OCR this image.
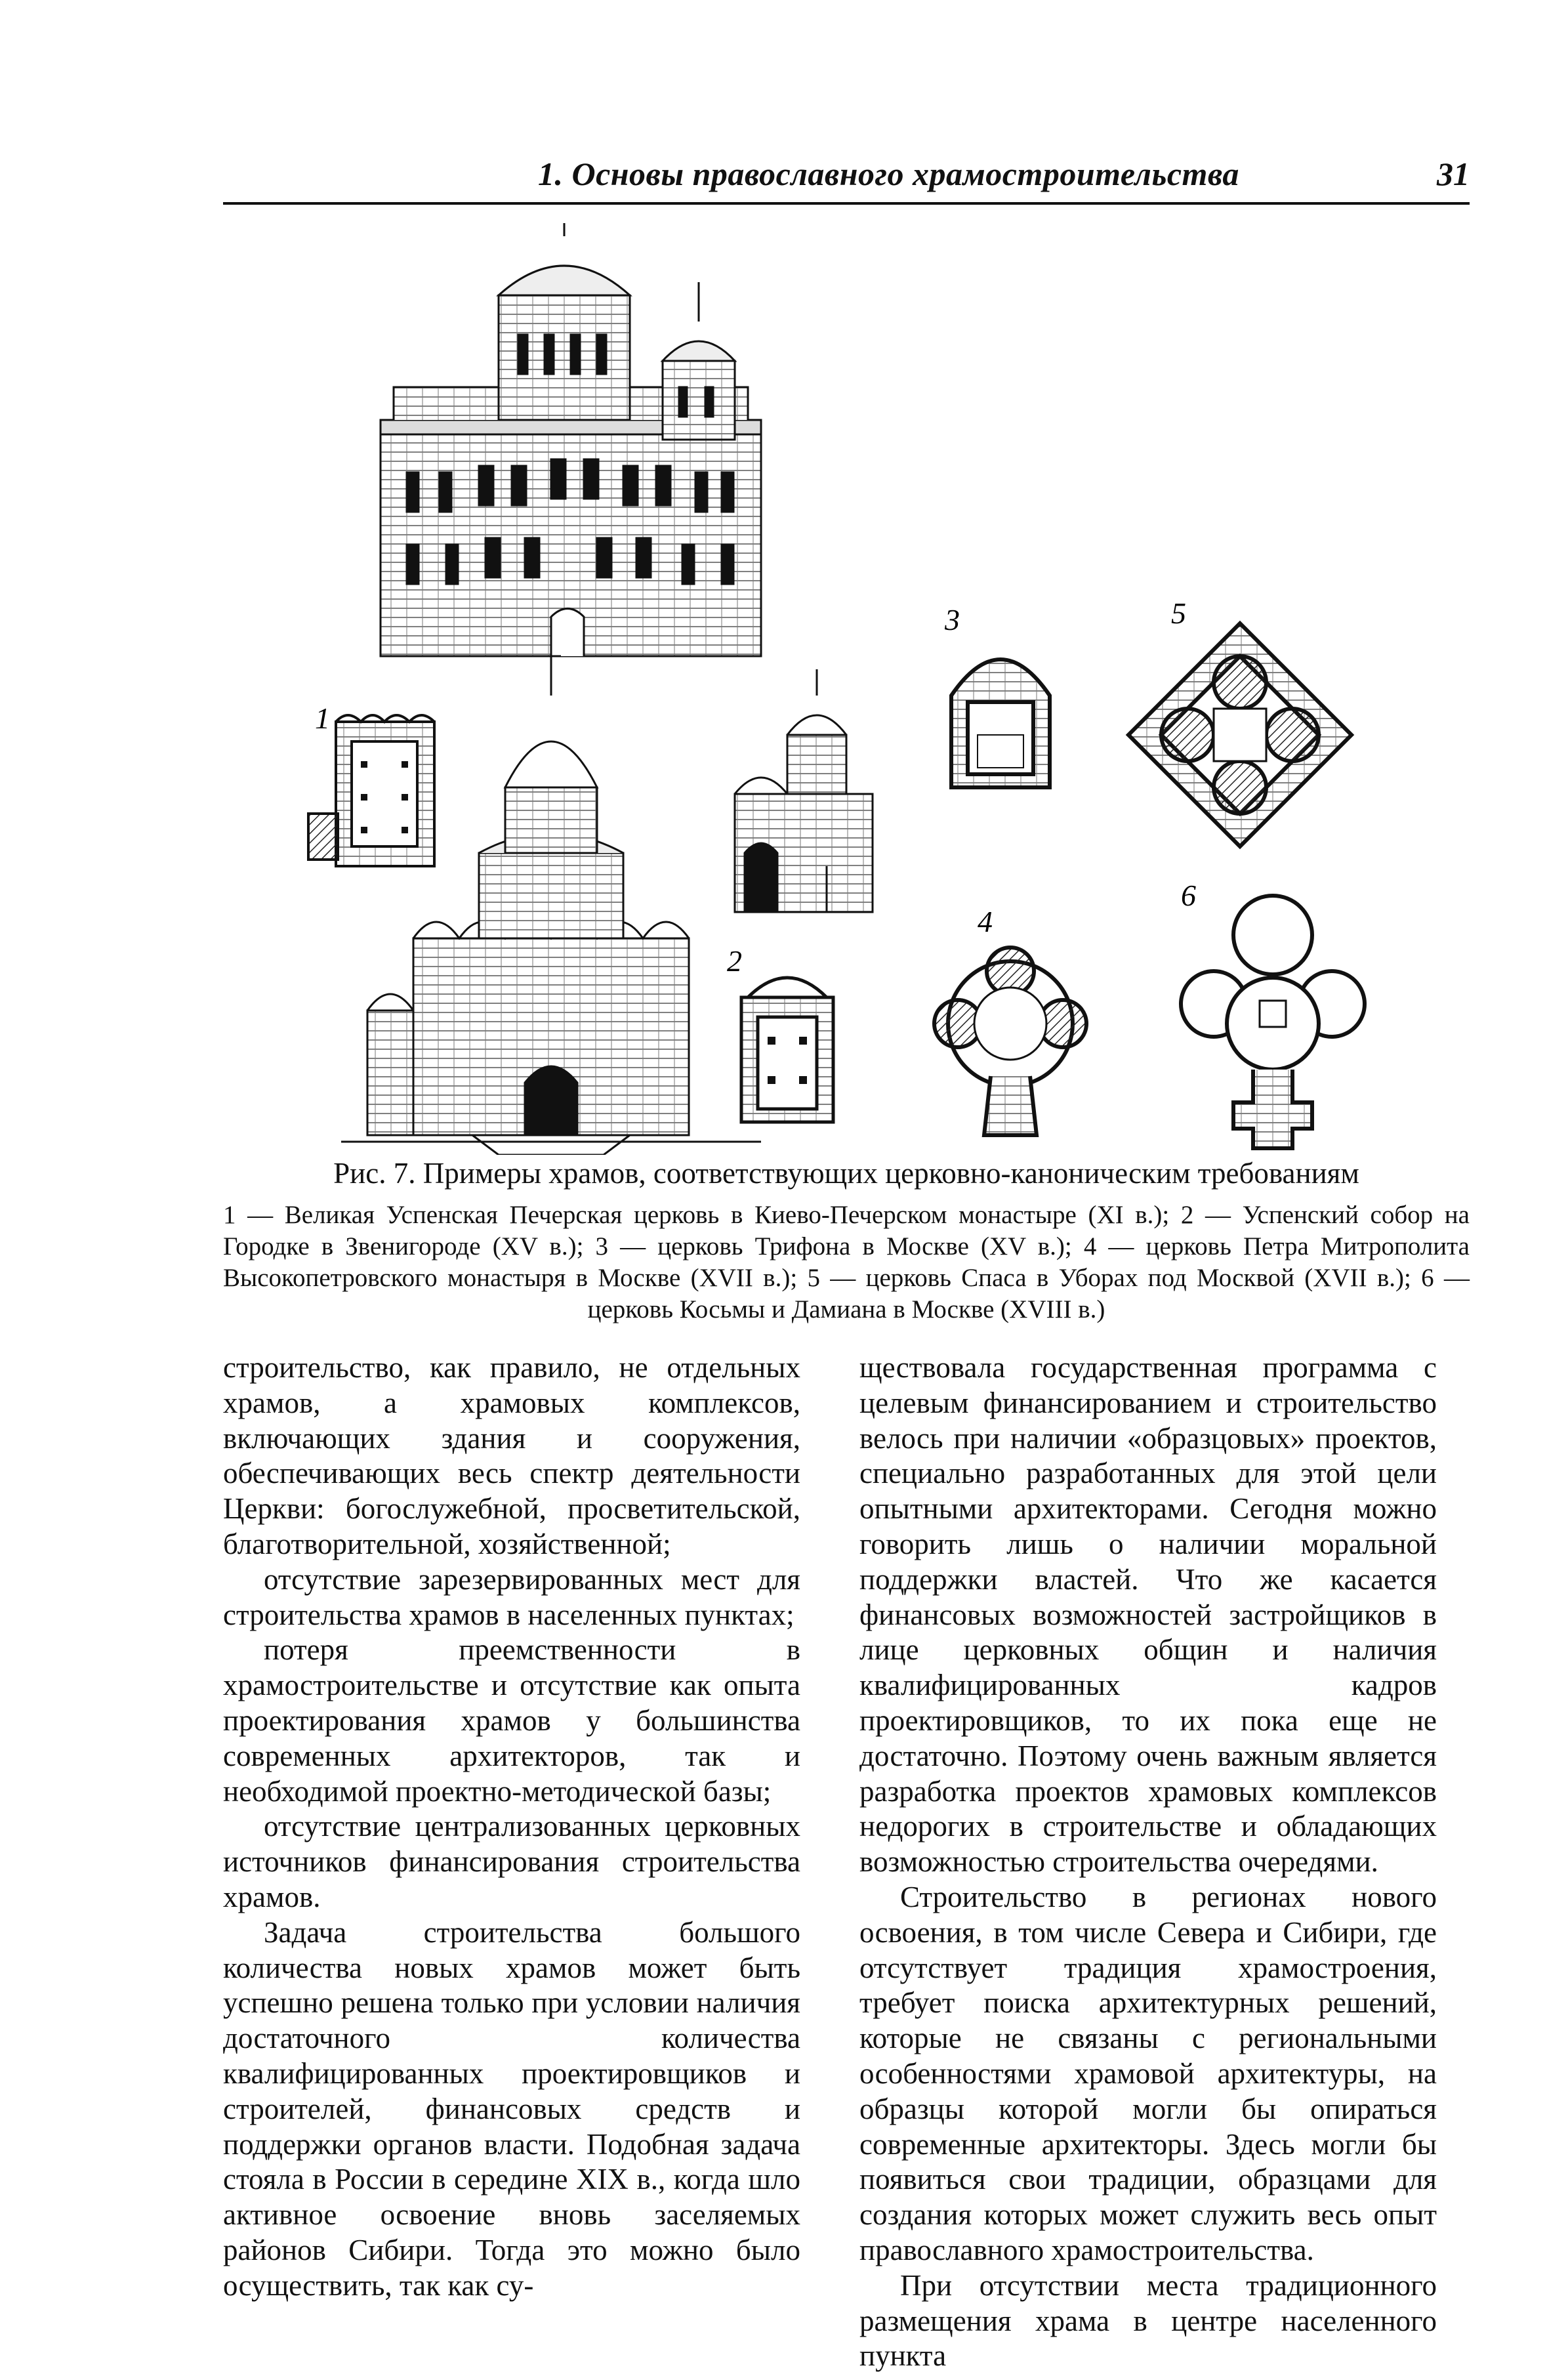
1. Основы православного храмостроительства	31
1
2
3
4
5
6
Рис. 7. Примеры храмов, соответствующих церковно-каноническим требованиям
1 — Великая Успенская Печерская церковь в Киево-Печерском монастыре (XI в.); 2 — Успенский собор на Городке в Звенигороде (XV в.); 3 — церковь Трифона в Москве (XV в.); 4 — церковь Петра Митрополита Высокопетровского монастыря в Москве (XVII в.); 5 — церковь Спаса в Уборах под Москвой (XVII в.); 6 — церковь Косьмы и Дамиана в Москве (XVIII в.)

строительство, как правило, не отдельных храмов, а храмовых комплексов, включающих здания и сооружения, обеспечивающих весь спектр деятельности Церкви: богослужебной, просветительской, благотворительной, хозяйственной;

отсутствие зарезервированных мест для строительства храмов в населенных пунктах;

потеря преемственности в храмостроительстве и отсутствие как опыта проектирования храмов у большинства современных архитекторов, так и необходимой проектно-методической базы;

отсутствие централизованных церковных источников финансирования строительства храмов.

Задача строительства большого количества новых храмов может быть успешно решена только при условии наличия достаточного количества квалифицированных проектировщиков и строителей, финансовых средств и поддержки органов власти. Подобная задача стояла в России в середине XIX в., когда шло активное освоение вновь заселяемых районов Сибири. Тогда это можно было осуществить, так как су-

ществовала государственная программа с целевым финансированием и строительство велось при наличии «образцовых» проектов, специально разработанных для этой цели опытными архитекторами. Сегодня можно говорить лишь о наличии моральной поддержки властей. Что же касается финансовых возможностей застройщиков в лице церковных общин и наличия квалифицированных кадров проектировщиков, то их пока еще не достаточно. Поэтому очень важным является разработка проектов храмовых комплексов недорогих в строительстве и обладающих возможностью строительства очередями.

Строительство в регионах нового освоения, в том числе Севера и Сибири, где отсутствует традиция храмостроения, требует поиска архитектурных решений, которые не связаны с региональными особенностями храмовой архитектуры, на образцы которой могли бы опираться современные архитекторы. Здесь могли бы появиться свои традиции, образцами для создания которых может служить весь опыт православного храмостроительства.

При отсутствии места традиционного размещения храма в центре населенного пункта
